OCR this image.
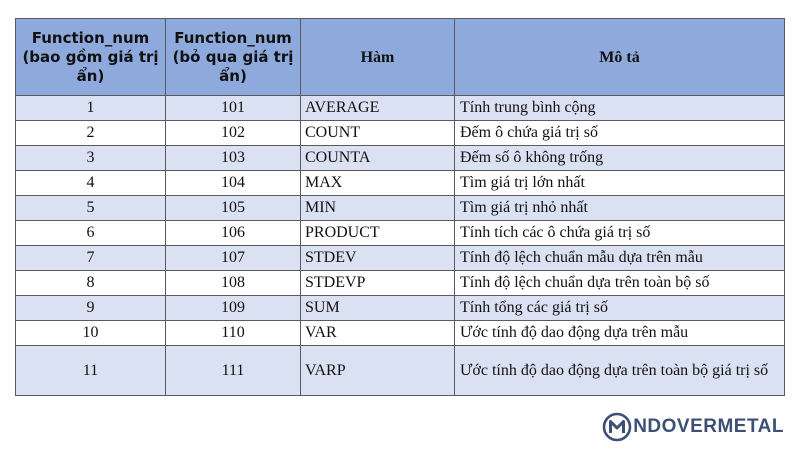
Function_num
(bao gồm giá trị
ẩn)	Function_num
(bỏ qua giá trị
ẩn)	Hàm	Mô tả
1	101	AVERAGE	Tính trung bình cộng
2	102	COUNT	Đếm ô chứa giá trị số
3	103	COUNTA	Đếm số ô không trống
4	104	MAX	Tìm giá trị lớn nhất
5	105	MIN	Tìm giá trị nhỏ nhất
6	106	PRODUCT	Tính tích các ô chứa giá trị số
7	107	STDEV	Tính độ lệch chuẩn mẫu dựa trên mẫu
8	108	STDEVP	Tính độ lệch chuẩn dựa trên toàn bộ số
9	109	SUM	Tính tổng các giá trị số
10	110	VAR	Ước tính độ dao động dựa trên mẫu
11	111	VARP	Ước tính độ dao động dựa trên toàn bộ giá trị số
NDOVERMETAL
